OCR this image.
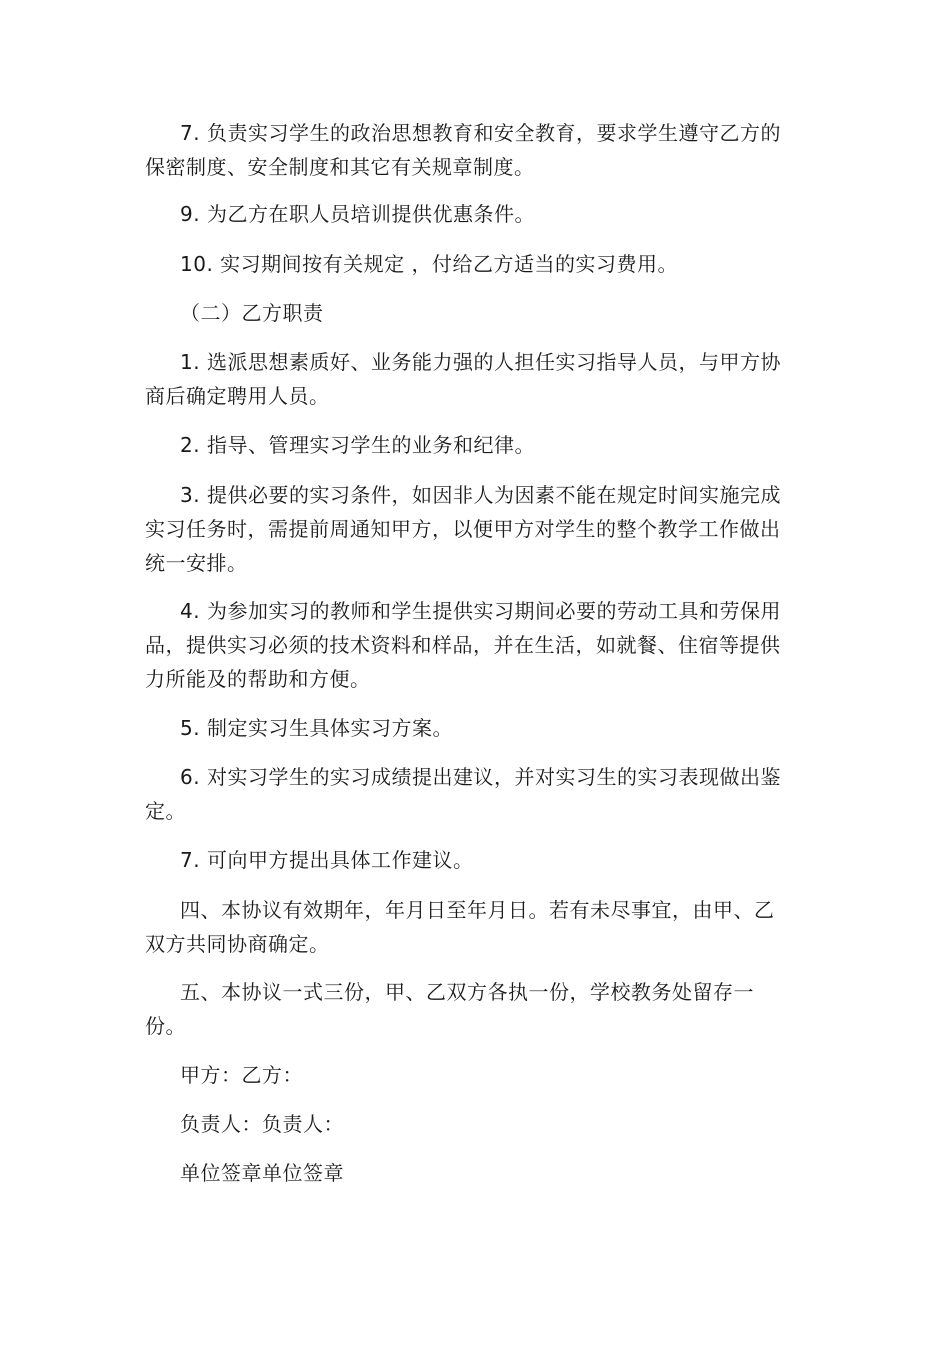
7. 负责实习学生的政治思想教育和安全教育，要求学生遵守乙方的保密制度、安全制度和其它有关规章制度。

9. 为乙方在职人员培训提供优惠条件。

10. 实习期间按有关规定 ，付给乙方适当的实习费用。

（二）乙方职责

1. 选派思想素质好、业务能力强的人担任实习指导人员，与甲方协商后确定聘用人员。

2. 指导、管理实习学生的业务和纪律。

3. 提供必要的实习条件，如因非人为因素不能在规定时间实施完成实习任务时，需提前周通知甲方，以便甲方对学生的整个教学工作做出统一安排。

4. 为参加实习的教师和学生提供实习期间必要的劳动工具和劳保用品，提供实习必须的技术资料和样品，并在生活，如就餐、住宿等提供力所能及的帮助和方便。

5. 制定实习生具体实习方案。

6. 对实习学生的实习成绩提出建议，并对实习生的实习表现做出鉴定。

7. 可向甲方提出具体工作建议。

四、本协议有效期年，年月日至年月日。若有未尽事宜，由甲、乙双方共同协商确定。

五、本协议一式三份，甲、乙双方各执一份，学校教务处留存一份。

甲方：乙方：

负责人：负责人：

单位签章单位签章
